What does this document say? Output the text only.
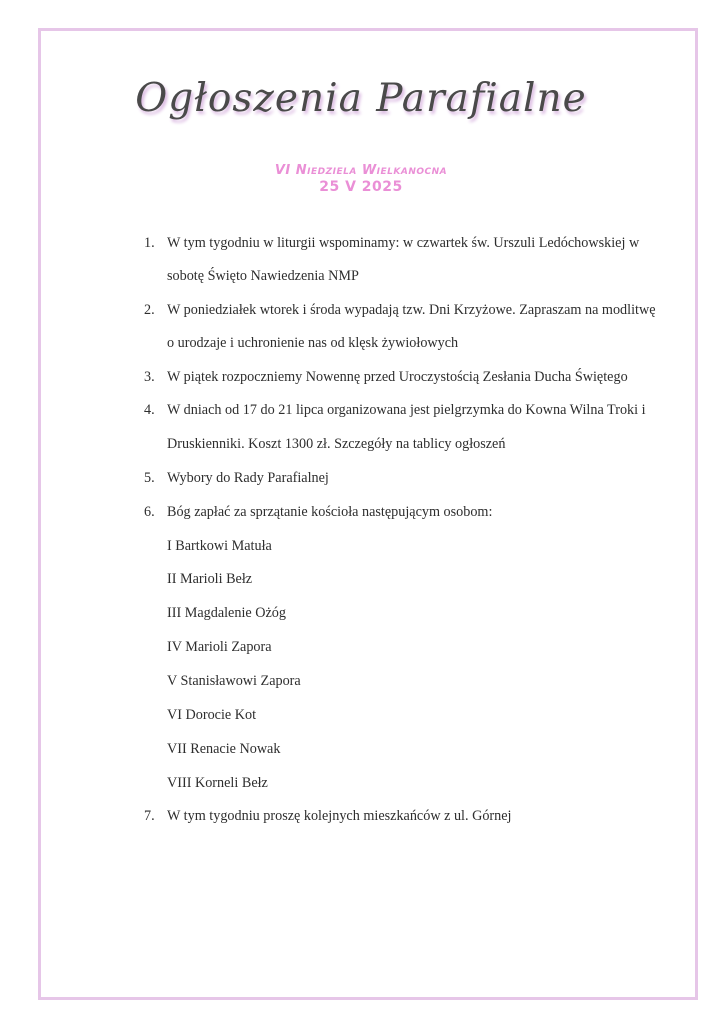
Ogłoszenia Parafialne
VI Niedziela Wielkanocna
25 V 2025
1. W tym tygodniu w liturgii wspominamy: w czwartek św. Urszuli Ledóchowskiej w
sobotę Święto Nawiedzenia NMP
2. W poniedziałek wtorek i środa wypadają tzw. Dni Krzyżowe. Zapraszam na modlitwę
o urodzaje i uchronienie nas od klęsk żywiołowych
3. W piątek rozpoczniemy Nowennę przed Uroczystością Zesłania Ducha Świętego
4. W dniach od 17 do 21 lipca organizowana jest pielgrzymka do Kowna Wilna Troki i
Druskienniki. Koszt 1300 zł. Szczegóły na tablicy ogłoszeń
5. Wybory do Rady Parafialnej
6. Bóg zapłać za sprzątanie kościoła następującym osobom:
I Bartkowi Matuła
II Marioli Bełz
III Magdalenie Ożóg
IV Marioli Zapora
V Stanisławowi Zapora
VI Dorocie Kot
VII Renacie Nowak
VIII Korneli Bełz
7. W tym tygodniu proszę kolejnych mieszkańców z ul. Górnej
